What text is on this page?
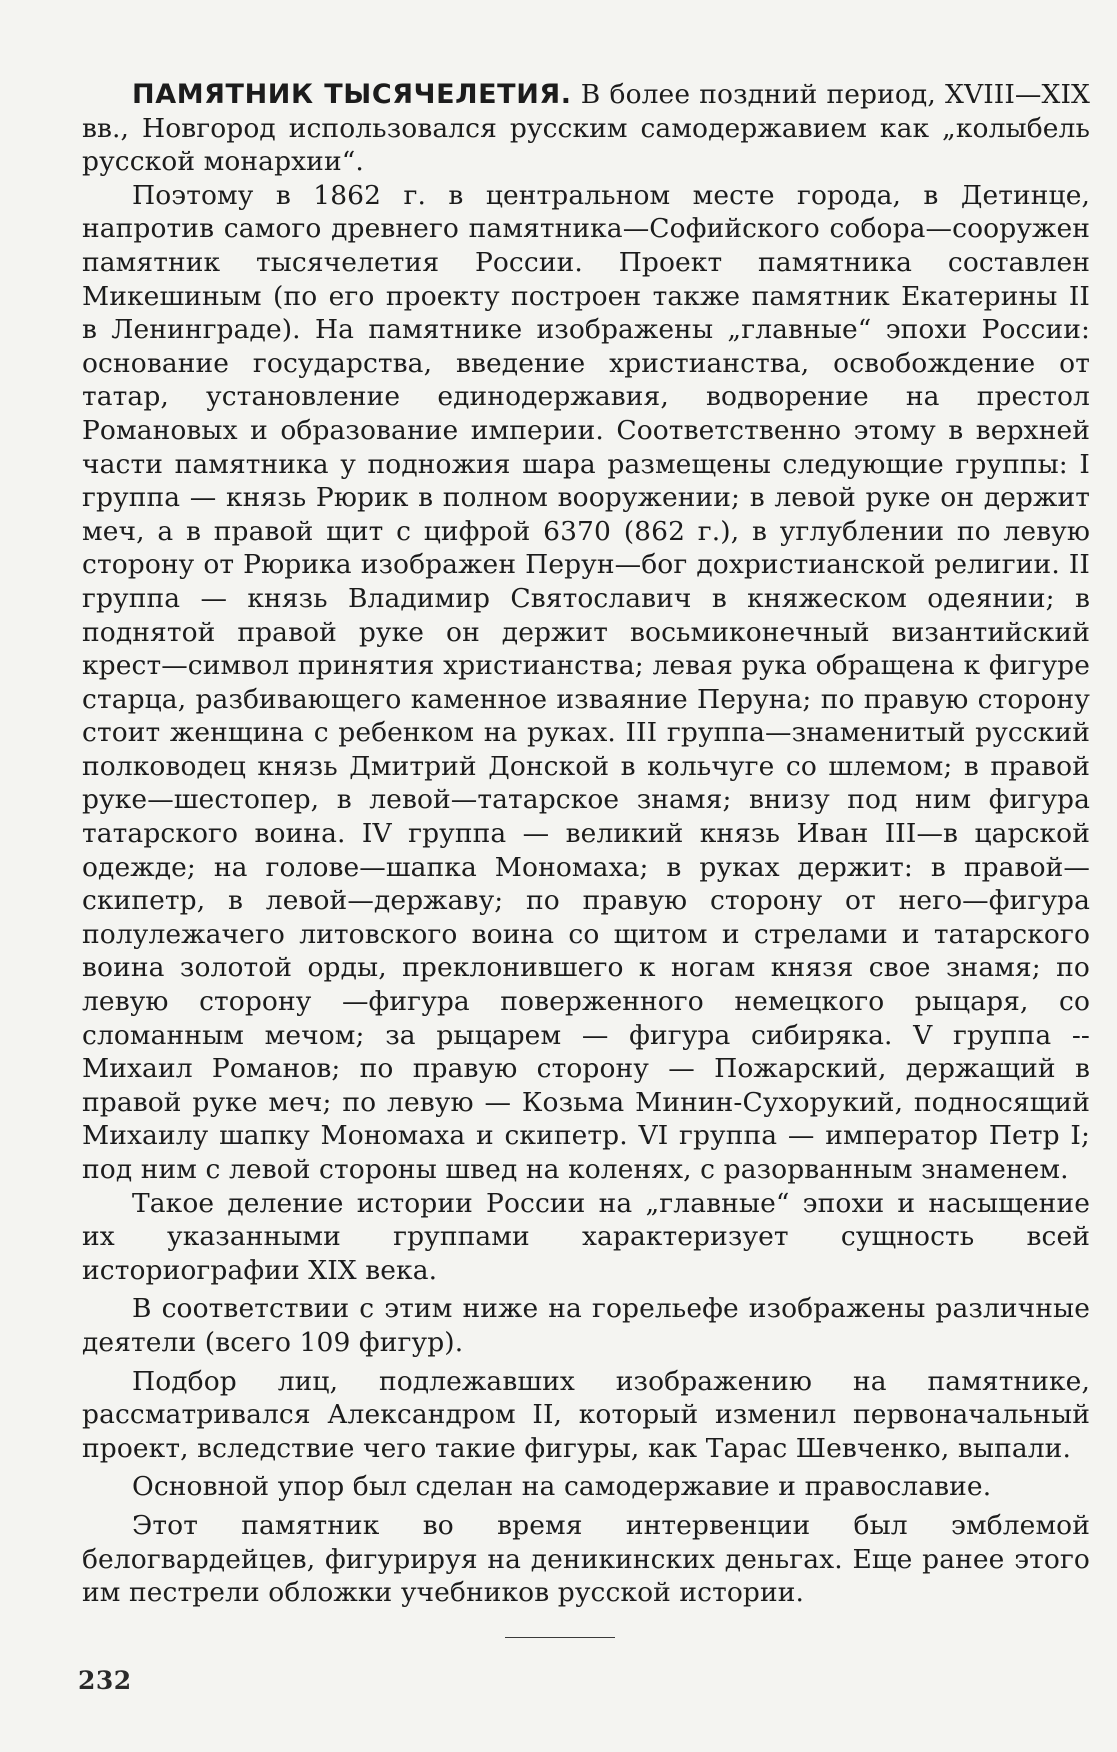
ПАМЯТНИК ТЫСЯЧЕЛЕТИЯ. В более поздний период, XVIII—XIX вв., Новгород использовался русским самодержавием как „колыбель русской монархии“.

Поэтому в 1862 г. в центральном месте города, в Детинце, напротив самого древнего памятника—Софийского собора—сооружен памятник тысячелетия России. Проект памятника составлен Микешиным (по его проекту построен также памятник Екатерины II в Ленинграде). На памятнике изображены „главные“ эпохи России: основание государства, введение христианства, освобождение от татар, установление единодержавия, водворение на престол Романовых и образование империи. Соответственно этому в верхней части памятника у подножия шара размещены следующие группы: I группа — князь Рюрик в полном вооружении; в левой руке он держит меч, а в правой щит с цифрой 6370 (862 г.), в углублении по левую сторону от Рюрика изображен Перун—бог дохристианской религии. II группа — князь Владимир Святославич в княжеском одеянии; в поднятой правой руке он держит восьмиконечный византийский крест—символ принятия христианства; левая рука обращена к фигуре старца, разбивающего каменное изваяние Перуна; по правую сторону стоит женщина с ребенком на руках. III группа—знаменитый русский полководец князь Дмитрий Донской в кольчуге со шлемом; в правой руке—шестопер, в левой—татарское знамя; внизу под ним фигура татарского воина. IV группа — великий князь Иван III—в царской одежде; на голове—шапка Мономаха; в руках держит: в правой—скипетр, в левой—державу; по правую сторону от него—фигура полулежачего литовского воина со щитом и стрелами и татарского воина золотой орды, преклонившего к ногам князя свое знамя; по левую сторону —фигура поверженного немецкого рыцаря, со сломанным мечом; за рыцарем — фигура сибиряка. V группа --Михаил Романов; по правую сторону — Пожарский, держащий в правой руке меч; по левую — Козьма Минин-Сухорукий, подносящий Михаилу шапку Мономаха и скипетр. VI группа — император Петр I; под ним с левой стороны швед на коленях, с разорванным знаменем.

Такое деление истории России на „главные“ эпохи и насыщение их указанными группами характеризует сущность всей историографии XIX века.

В соответствии с этим ниже на горельефе изображены различные деятели (всего 109 фигур).

Подбор лиц, подлежавших изображению на памятнике, рассматривался Александром II, который изменил первоначальный проект, вследствие чего такие фигуры, как Тарас Шевченко, выпали.

Основной упор был сделан на самодержавие и православие.

Этот памятник во время интервенции был эмблемой белогвардейцев, фигурируя на деникинских деньгах. Еще ранее этого им пестрели обложки учебников русской истории.

232
